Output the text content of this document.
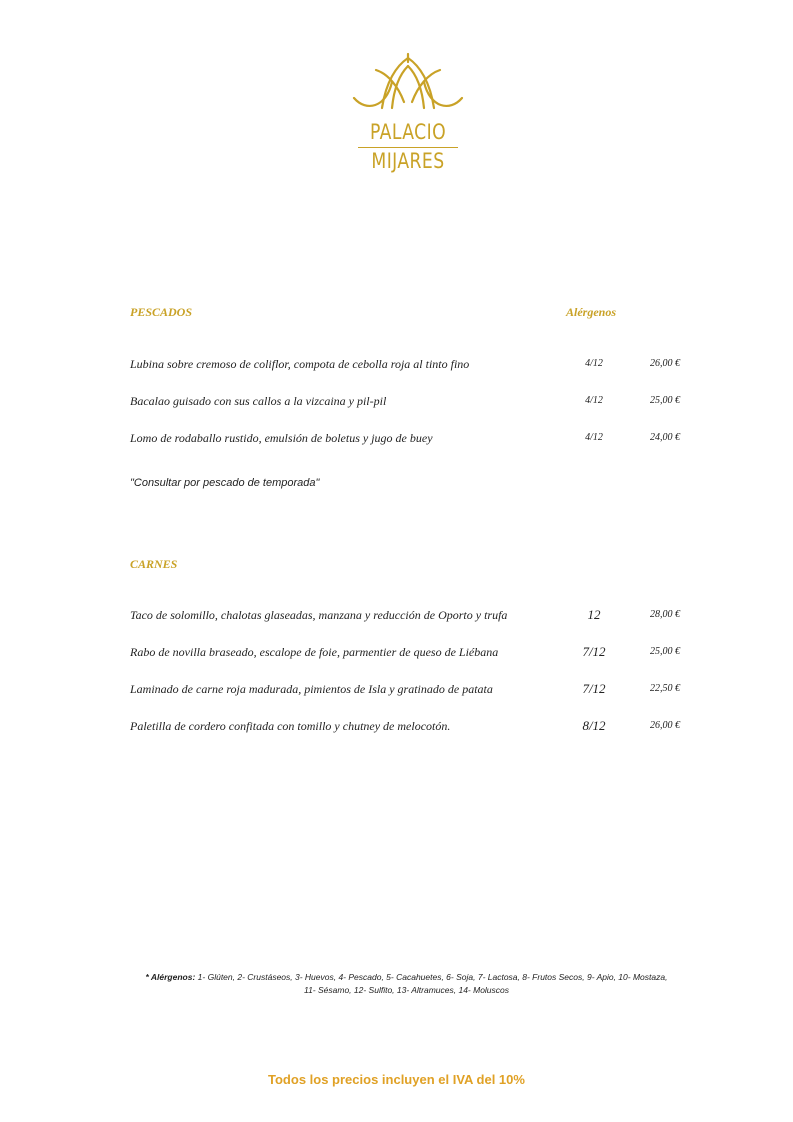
PALACIO
MIJARES
PESCADOS	Alérgenos
Lubina sobre cremoso de coliflor, compota de cebolla roja al tinto fino	4/12	26,00 €
Bacalao guisado con sus callos a la vizcaina y pil-pil	4/12	25,00 €
Lomo de rodaballo rustido, emulsión de boletus y jugo de buey	4/12	24,00 €
"Consultar por pescado de temporada"
CARNES
Taco de solomillo, chalotas glaseadas, manzana y reducción de Oporto y trufa	12	28,00 €
Rabo de novilla braseado, escalope de foie, parmentier de queso de Liébana	7/12	25,00 €
Laminado de carne roja madurada, pimientos de Isla y gratinado de patata	7/12	22,50 €
Paletilla de cordero confitada con tomillo y chutney de melocotón.	8/12	26,00 €
* Alérgenos: 1- Glúten, 2- Crustáseos, 3- Huevos, 4- Pescado, 5- Cacahuetes, 6- Soja, 7- Lactosa, 8- Frutos Secos, 9- Apio, 10- Mostaza,
11- Sésamo, 12- Sulfito, 13- Altramuces, 14- Moluscos
Todos los precios incluyen el IVA del 10%
